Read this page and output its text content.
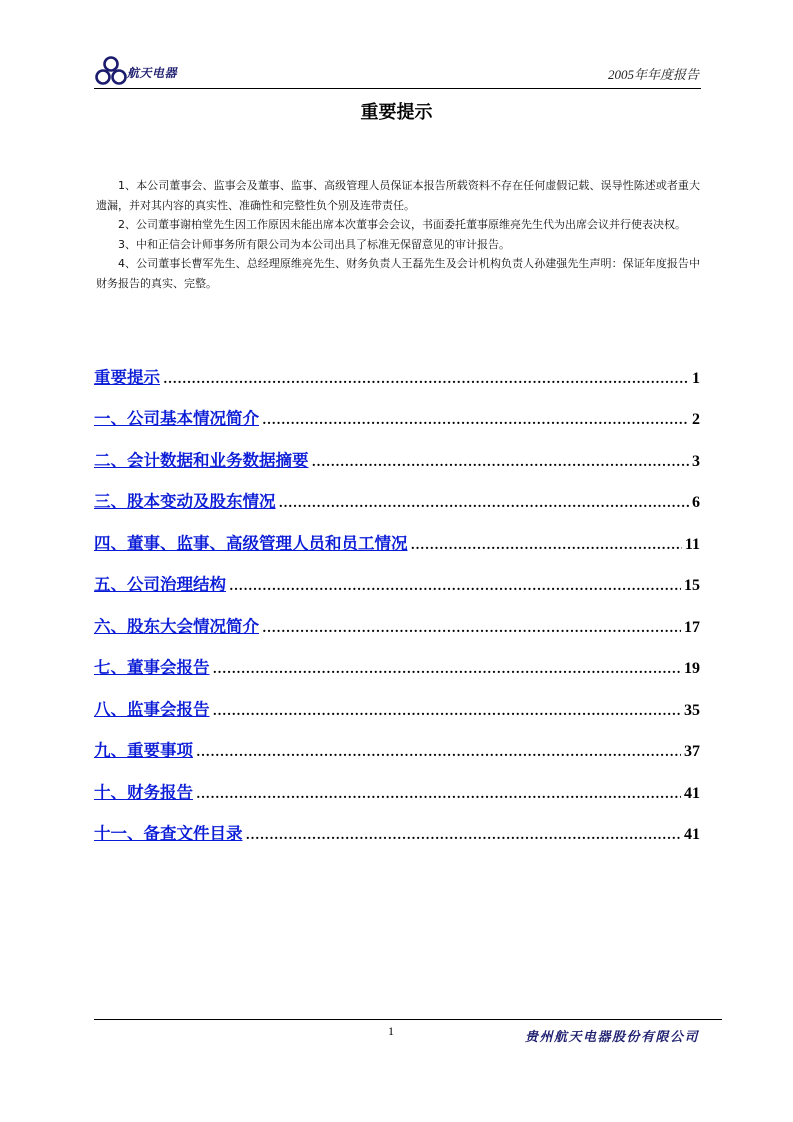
航天电器	2005年年度报告
重要提示

1、本公司董事会、监事会及董事、监事、高级管理人员保证本报告所载资料不存在任何虚假记载、误导性陈述或者重大遗漏，并对其内容的真实性、准确性和完整性负个别及连带责任。

2、公司董事谢柏堂先生因工作原因未能出席本次董事会会议，书面委托董事原维亮先生代为出席会议并行使表决权。

3、中和正信会计师事务所有限公司为本公司出具了标准无保留意见的审计报告。

4、公司董事长曹军先生、总经理原维亮先生、财务负责人王磊先生及会计机构负责人孙建强先生声明：保证年度报告中财务报告的真实、完整。

重要提示 ……………………………………………………………………………………………………………………………………………………………………………………	1
一、公司基本情况简介 ……………………………………………………………………………………………………………………………………………………………………………………	2
二、会计数据和业务数据摘要 ……………………………………………………………………………………………………………………………………………………………………………………	3
三、股本变动及股东情况 ……………………………………………………………………………………………………………………………………………………………………………………	6
四、董事、监事、高级管理人员和员工情况 ……………………………………………………………………………………………………………………………………………………………………………………	11
五、公司治理结构 ……………………………………………………………………………………………………………………………………………………………………………………	15
六、股东大会情况简介 ……………………………………………………………………………………………………………………………………………………………………………………	17
七、董事会报告 ……………………………………………………………………………………………………………………………………………………………………………………	19
八、监事会报告 ……………………………………………………………………………………………………………………………………………………………………………………	35
九、重要事项 ……………………………………………………………………………………………………………………………………………………………………………………	37
十、财务报告 ……………………………………………………………………………………………………………………………………………………………………………………	41
十一、备查文件目录 ……………………………………………………………………………………………………………………………………………………………………………………	41
1	贵州航天电器股份有限公司
